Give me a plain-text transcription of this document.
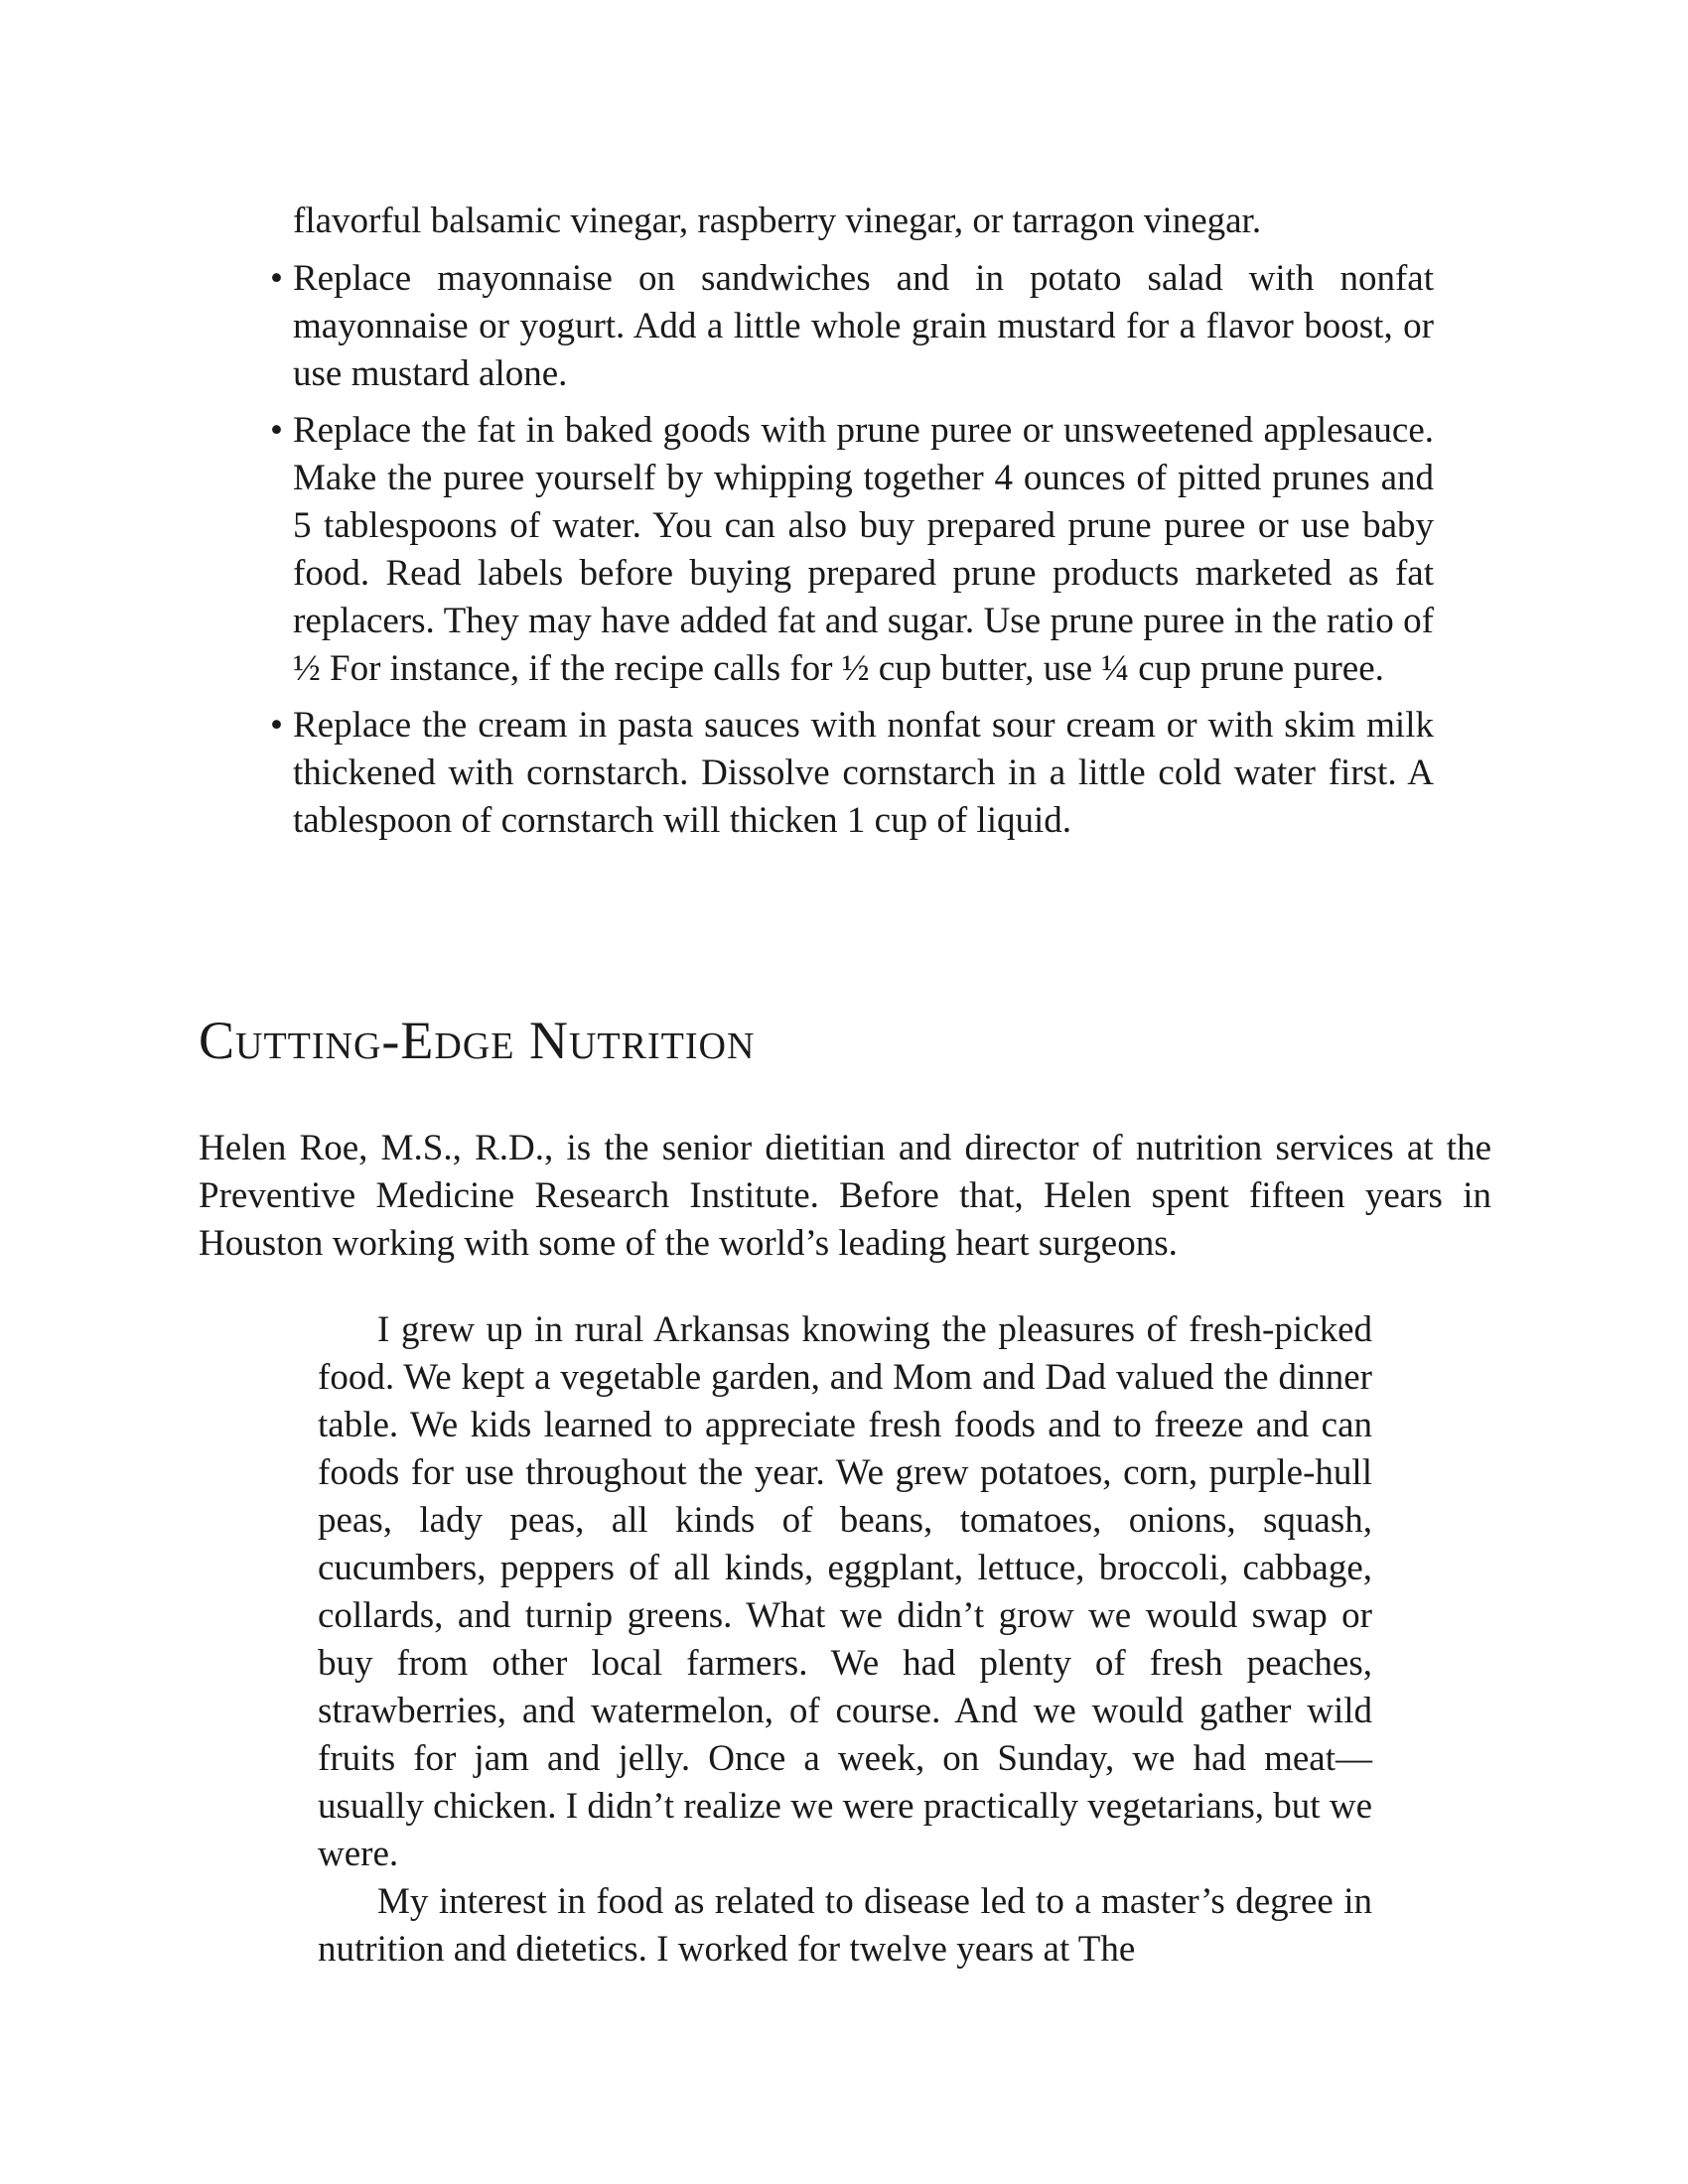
flavorful balsamic vinegar, raspberry vinegar, or tarragon vinegar.

• Replace mayonnaise on sandwiches and in potato salad with nonfat mayonnaise or yogurt. Add a little whole grain mustard for a flavor boost, or use mustard alone.
• Replace the fat in baked goods with prune puree or unsweetened applesauce. Make the puree yourself by whipping together 4 ounces of pitted prunes and 5 tablespoons of water. You can also buy prepared prune puree or use baby food. Read labels before buying prepared prune products marketed as fat replacers. They may have added fat and sugar. Use prune puree in the ratio of ½ For instance, if the recipe calls for ½ cup butter, use ¼ cup prune puree.
• Replace the cream in pasta sauces with nonfat sour cream or with skim milk thickened with cornstarch. Dissolve cornstarch in a little cold water first. A tablespoon of cornstarch will thicken 1 cup of liquid.
Cutting-Edge Nutrition

Helen Roe, M.S., R.D., is the senior dietitian and director of nutrition services at the Preventive Medicine Research Institute. Before that, Helen spent fifteen years in Houston working with some of the world’s leading heart surgeons.

I grew up in rural Arkansas knowing the pleasures of fresh-picked food. We kept a vegetable garden, and Mom and Dad valued the dinner table. We kids learned to appreciate fresh foods and to freeze and can foods for use throughout the year. We grew potatoes, corn, purple-hull peas, lady peas, all kinds of beans, tomatoes, onions, squash, cucumbers, peppers of all kinds, eggplant, lettuce, broccoli, cabbage, collards, and turnip greens. What we didn’t grow we would swap or buy from other local farmers. We had plenty of fresh peaches, strawberries, and watermelon, of course. And we would gather wild fruits for jam and jelly. Once a week, on Sunday, we had meat—usually chicken. I didn’t realize we were practically vegetarians, but we were.

My interest in food as related to disease led to a master’s degree in nutrition and dietetics. I worked for twelve years at The
